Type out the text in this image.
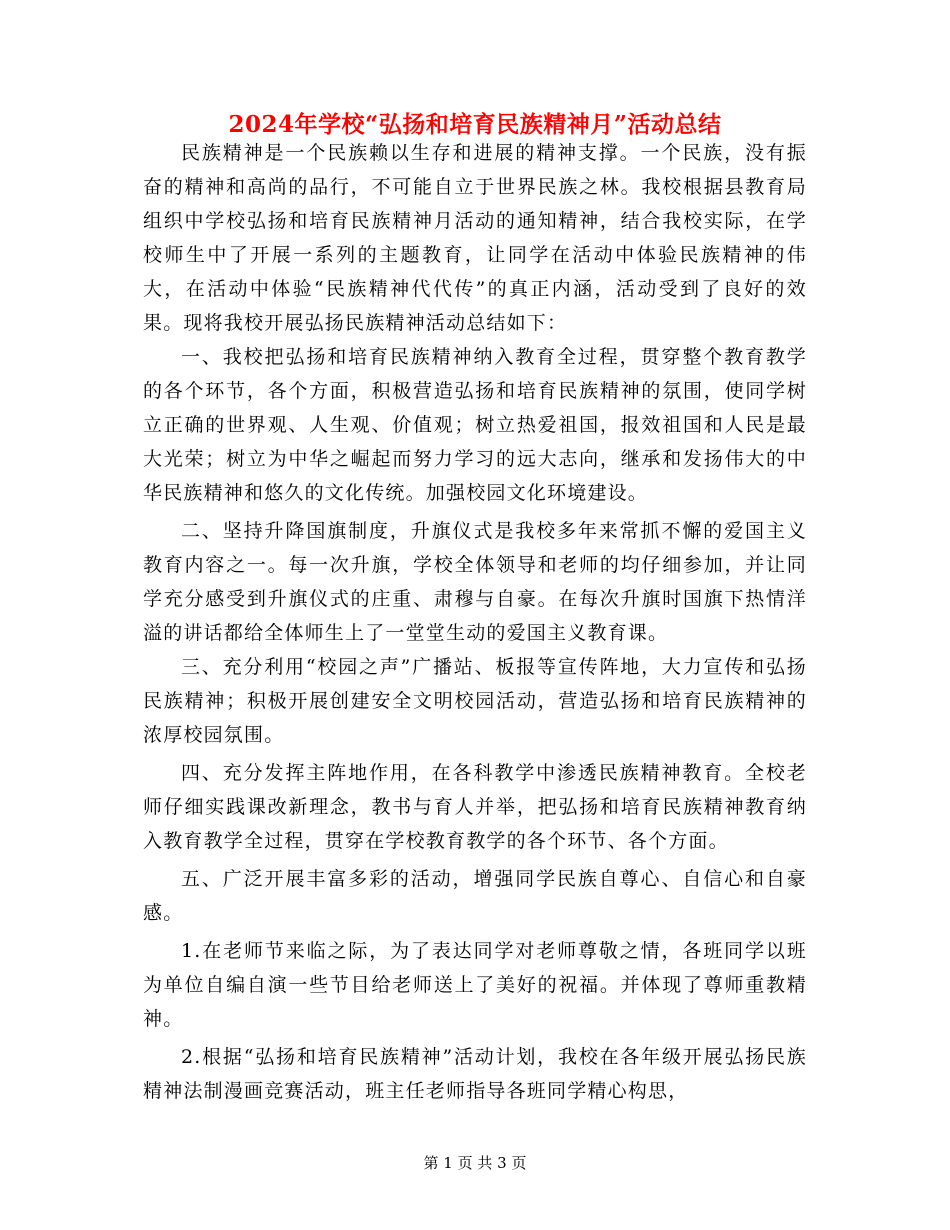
2024年学校“弘扬和培育民族精神月”活动总结

民族精神是一个民族赖以生存和进展的精神支撑。一个民族，没有振奋的精神和高尚的品行，不可能自立于世界民族之林。我校根据县教育局组织中学校弘扬和培育民族精神月活动的通知精神，结合我校实际，在学校师生中了开展一系列的主题教育，让同学在活动中体验民族精神的伟大，在活动中体验“民族精神代代传”的真正内涵，活动受到了良好的效果。现将我校开展弘扬民族精神活动总结如下：

一、我校把弘扬和培育民族精神纳入教育全过程，贯穿整个教育教学的各个环节，各个方面，积极营造弘扬和培育民族精神的氛围，使同学树立正确的世界观、人生观、价值观；树立热爱祖国，报效祖国和人民是最大光荣；树立为中华之崛起而努力学习的远大志向，继承和发扬伟大的中华民族精神和悠久的文化传统。加强校园文化环境建设。

二、坚持升降国旗制度，升旗仪式是我校多年来常抓不懈的爱国主义教育内容之一。每一次升旗，学校全体领导和老师的均仔细参加，并让同学充分感受到升旗仪式的庄重、肃穆与自豪。在每次升旗时国旗下热情洋溢的讲话都给全体师生上了一堂堂生动的爱国主义教育课。

三、充分利用“校园之声”广播站、板报等宣传阵地，大力宣传和弘扬民族精神；积极开展创建安全文明校园活动，营造弘扬和培育民族精神的浓厚校园氛围。

四、充分发挥主阵地作用，在各科教学中渗透民族精神教育。全校老师仔细实践课改新理念，教书与育人并举，把弘扬和培育民族精神教育纳入教育教学全过程，贯穿在学校教育教学的各个环节、各个方面。

五、广泛开展丰富多彩的活动，增强同学民族自尊心、自信心和自豪感。

1.在老师节来临之际，为了表达同学对老师尊敬之情，各班同学以班为单位自编自演一些节目给老师送上了美好的祝福。并体现了尊师重教精神。

2.根据“弘扬和培育民族精神”活动计划，我校在各年级开展弘扬民族精神法制漫画竞赛活动，班主任老师指导各班同学精心构思，

第 1 页 共 3 页
